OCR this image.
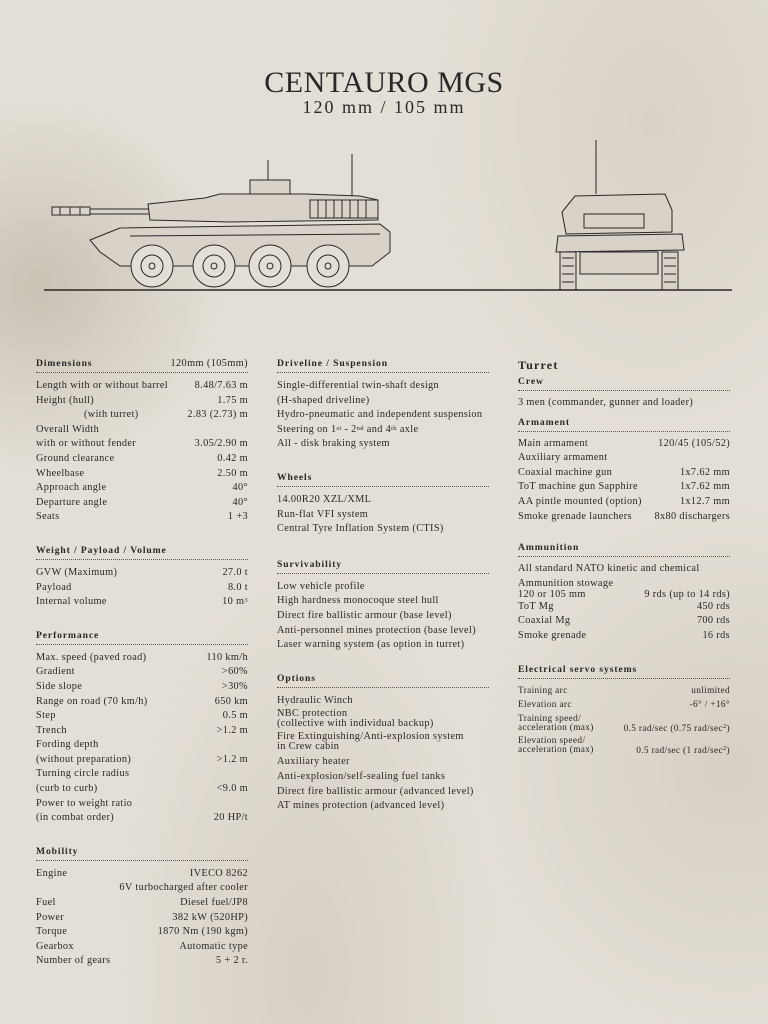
CENTAURO MGS
120 mm / 105 mm
Dimensions	120mm (105mm)
Length with or without barrel	8.48/7.63 m
Height (hull)	1.75 m
(with turret)	2.83 (2.73) m
Overall Width
with or without fender	3.05/2.90 m
Ground clearance	0.42 m
Wheelbase	2.50 m
Approach angle	40°
Departure angle	40°
Seats	1 +3
Weight / Payload / Volume
GVW (Maximum)	27.0 t
Payload	8.0 t
Internal volume	10 $m^3$
Performance
Max. speed (paved road)	110 km/h
Gradient	>60%
Side slope	>30%
Range on road (70 km/h)	650 km
Step	0.5 m
Trench	>1.2 m
Fording depth
(without preparation)	>1.2 m
Turning circle radius
(curb to curb)	<9.0 m
Power to weight ratio
(in combat order)	20 HP/t
Mobility
Engine	IVECO 8262
6V turbocharged after cooler
Fuel	Diesel fuel/JP8
Power	382 kW (520HP)
Torque	1870 Nm (190 kgm)
Gearbox	Automatic type
Number of gears	5 + 2 r.
Driveline / Suspension
Single-differential twin-shaft design
(H-shaped driveline)
Hydro-pneumatic and independent suspension
Steering on 1st - 2nd and 4th axle
All - disk braking system
Wheels
14.00R20 XZL/XML
Run-flat VFI system
Central Tyre Inflation System (CTIS)
Survivability
Low vehicle profile
High hardness monocoque steel hull
Direct fire ballistic armour (base level)
Anti-personnel mines protection (base level)
Laser warning system (as option in turret)
Options
Hydraulic Winch
NBC protection
(collective with individual backup)
Fire Extinguishing/Anti-explosion system
in Crew cabin
Auxiliary heater
Anti-explosion/self-sealing fuel tanks
Direct fire ballistic armour (advanced level)
AT mines protection (advanced level)
Turret
Crew
3 men (commander, gunner and loader)
Armament
Main armament	120/45 (105/52)
Auxiliary armament
Coaxial machine gun	1x7.62 mm
ToT machine gun Sapphire	1x7.62 mm
AA pintle mounted (option)	1x12.7 mm
Smoke grenade launchers 8x80 dischargers
Ammunition
All standard NATO kinetic and chemical
Ammunition stowage
120 or 105 mm	9 rds (up to 14 rds)
ToT Mg	450 rds
Coaxial Mg	700 rds
Smoke grenade	16 rds
Electrical servo systems
Training arc	unlimited
Elevation arc	-6° / +16°
Training speed/
acceleration (max)	0.5 rad/sec (0.75 rad/$\sec^2$)
Elevation speed/
acceleration (max)	0.5 rad/sec (1 rad/$\sec^2$)
